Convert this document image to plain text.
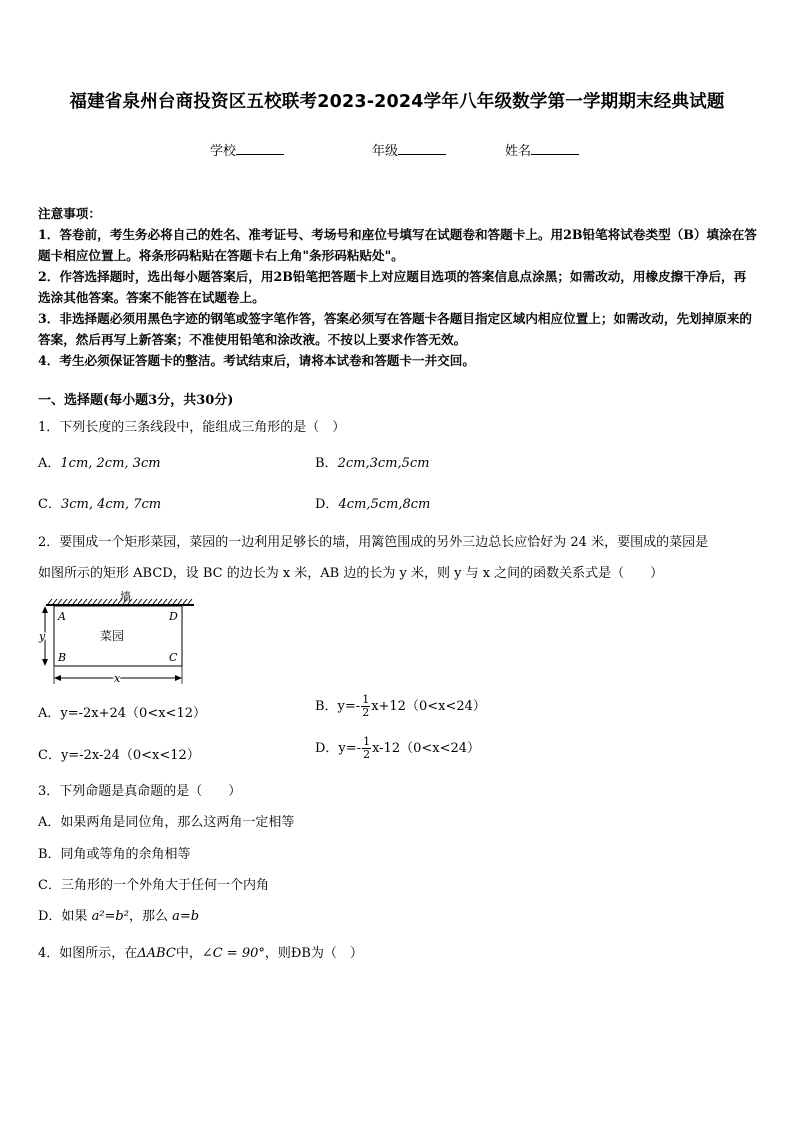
福建省泉州台商投资区五校联考2023-2024学年八年级数学第一学期期末经典试题
学校	年级	姓名
注意事项：
1．答卷前，考生务必将自己的姓名、准考证号、考场号和座位号填写在试题卷和答题卡上。用2B铅笔将试卷类型（B）填涂在答题卡相应位置上。将条形码粘贴在答题卡右上角"条形码粘贴处"。
2．作答选择题时，选出每小题答案后，用2B铅笔把答题卡上对应题目选项的答案信息点涂黑；如需改动，用橡皮擦干净后，再选涂其他答案。答案不能答在试题卷上。
3．非选择题必须用黑色字迹的钢笔或签字笔作答，答案必须写在答题卡各题目指定区域内相应位置上；如需改动，先划掉原来的答案，然后再写上新答案；不准使用铅笔和涂改液。不按以上要求作答无效。
4．考生必须保证答题卡的整洁。考试结束后，请将本试卷和答题卡一并交回。
一、选择题(每小题3分，共30分)
1．下列长度的三条线段中，能组成三角形的是（　）
A．1cm, 2cm, 3cm	B．2cm,3cm,5cm
C．3cm, 4cm, 7cm	D．4cm,5cm,8cm
2．要围成一个矩形菜园，菜园的一边利用足够长的墙，用篱笆围成的另外三边总长应恰好为 24 米，要围成的菜园是
如图所示的矩形 ABCD，设 BC 的边长为 x 米，AB 边的长为 y 米，则 y 与 x 之间的函数关系式是（　　）
墙
A	D
B	C
菜园
y
x
A．y=-2x+24（0<x<12）	B．$y=- \frac{1}{2} x+12(0<x<24)$
C．y=-2x-24（0<x<12）	D．$y=- \frac{1}{2} x-12(0<x<24)$
3．下列命题是真命题的是（　　）
A．如果两角是同位角，那么这两角一定相等
B．同角或等角的余角相等
C．三角形的一个外角大于任何一个内角
D．如果 a²=b²，那么 a=b
4．如图所示，在ΔABC中，∠C = 90°，则ÐB为（　）
